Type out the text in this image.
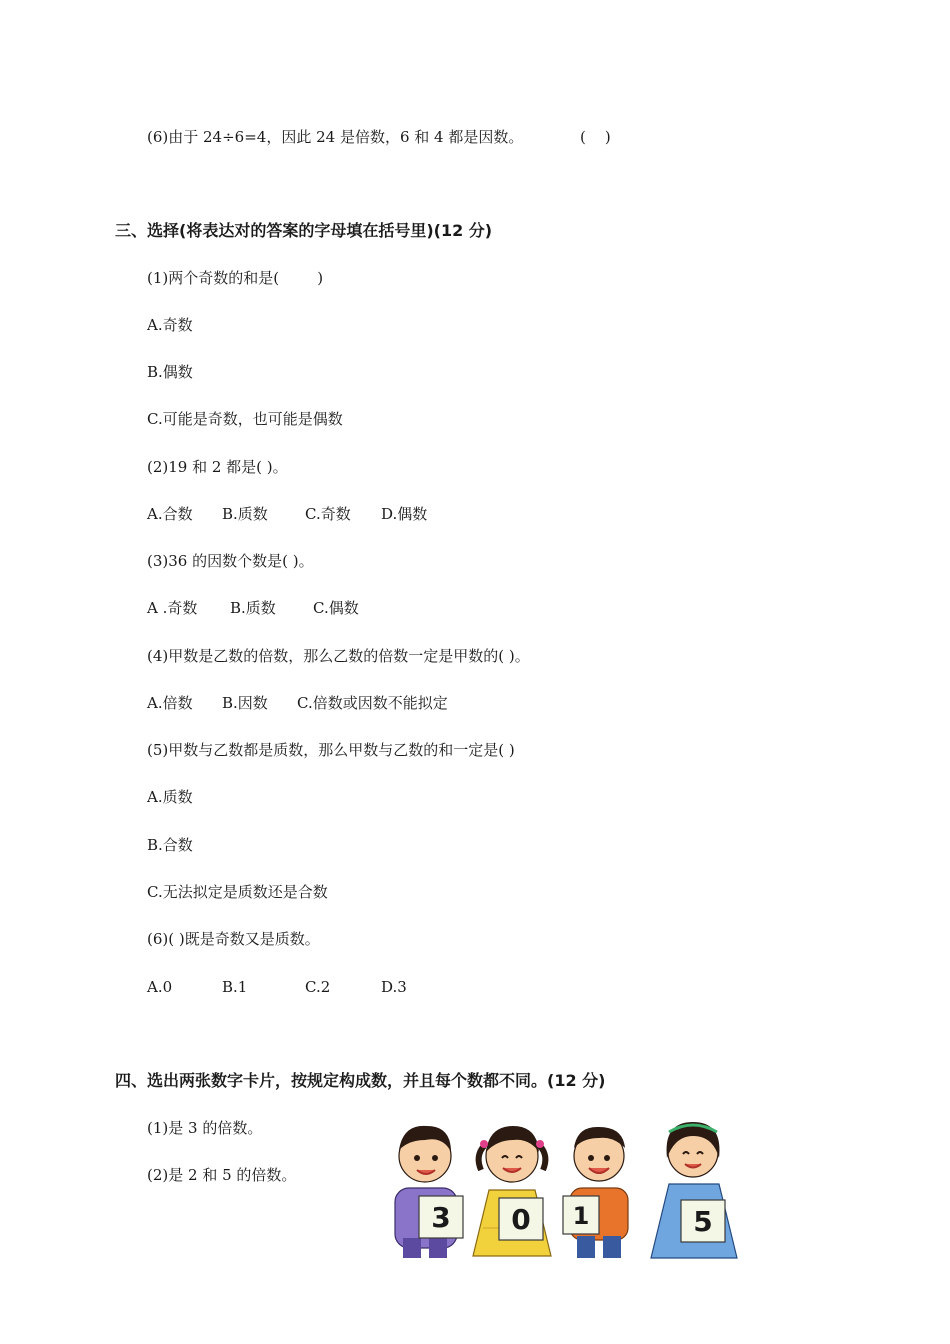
(6)由于 24÷6=4，因此 24 是倍数，6 和 4 都是因数。	(    )
三、选择(将表达对的答案的字母填在括号里)(12 分)
(1)两个奇数的和是(        )
A.奇数
B.偶数
C.可能是奇数，也可能是偶数
(2)19 和 2 都是( )。
A.合数 B.质数 C.奇数 D.偶数
(3)36 的因数个数是( )。
A .奇数 B.质数 C.偶数
(4)甲数是乙数的倍数，那么乙数的倍数一定是甲数的( )。
A.倍数 B.因数 C.倍数或因数不能拟定
(5)甲数与乙数都是质数，那么甲数与乙数的和一定是( )
A.质数
B.合数
C.无法拟定是质数还是合数
(6)( )既是奇数又是质数。
A.0	B.1	C.2	D.3
四、选出两张数字卡片，按规定构成数，并且每个数都不同。(12 分)
(1)是 3 的倍数。
(2)是 2 和 5 的倍数。
3 0 1	5
